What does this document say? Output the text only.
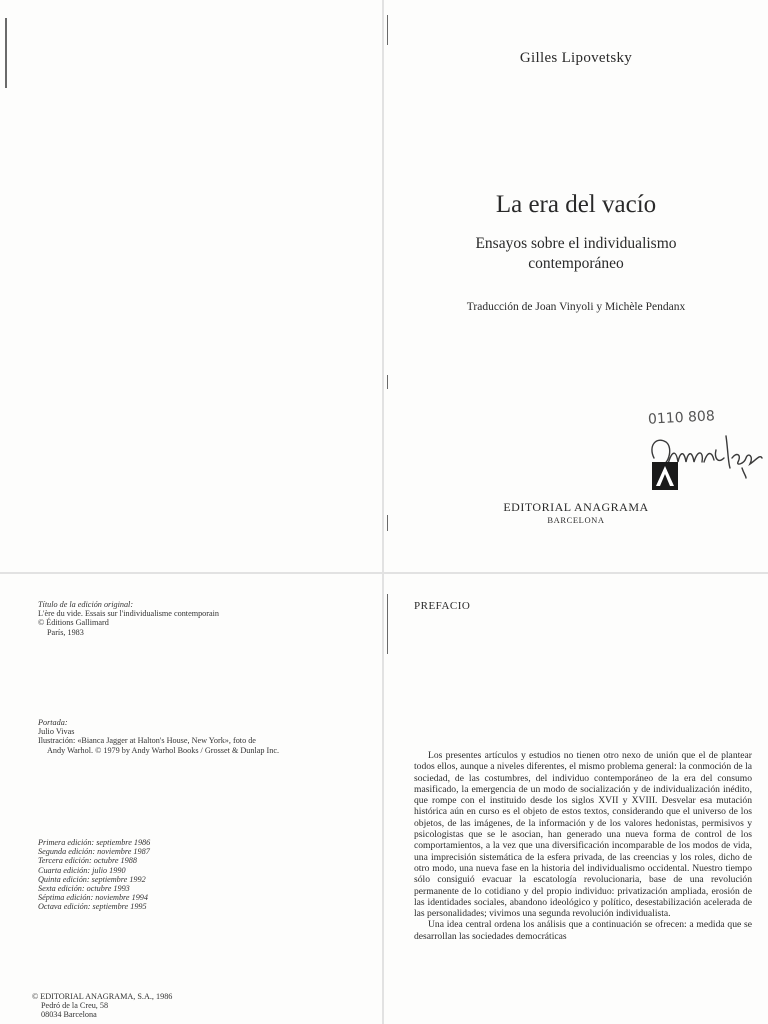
Gilles Lipovetsky
La era del vacío
Ensayos sobre el individualismo
contemporáneo
Traducción de Joan Vinyoli y Michèle Pendanx
0110 808
EDITORIAL ANAGRAMA
BARCELONA
Título de la edición original:
L'ère du vide. Essais sur l'individualisme contemporain
© Éditions Gallimard
París, 1983
Portada:
Julio Vivas
Ilustración: «Bianca Jagger at Halton's House, New York», foto de
Andy Warhol. © 1979 by Andy Warhol Books / Grosset & Dunlap Inc.
Primera edición: septiembre 1986
Segunda edición: noviembre 1987
Tercera edición: octubre 1988
Cuarta edición: julio 1990
Quinta edición: septiembre 1992
Sexta edición: octubre 1993
Séptima edición: noviembre 1994
Octava edición: septiembre 1995
© EDITORIAL ANAGRAMA, S.A., 1986
Pedró de la Creu, 58
08034 Barcelona
PREFACIO

Los presentes artículos y estudios no tienen otro nexo de unión que el de plantear todos ellos, aunque a niveles diferentes, el mismo problema general: la conmoción de la sociedad, de las costumbres, del individuo contemporáneo de la era del consumo masificado, la emergencia de un modo de socialización y de individualización inédito, que rompe con el instituido desde los siglos XVII y XVIII. Desvelar esa mutación histórica aún en curso es el objeto de estos textos, considerando que el universo de los objetos, de las imágenes, de la información y de los valores hedonistas, permisivos y psicologistas que se le asocian, han generado una nueva forma de control de los comportamientos, a la vez que una diversificación incomparable de los modos de vida, una imprecisión sistemática de la esfera privada, de las creencias y los roles, dicho de otro modo, una nueva fase en la historia del individualismo occidental. Nuestro tiempo sólo consiguió evacuar la escatología revolucionaria, base de una revolución permanente de lo cotidiano y del propio individuo: privatización ampliada, erosión de las identidades sociales, abandono ideológico y político, desestabilización acelerada de las personalidades; vivimos una segunda revolución individualista.

Una idea central ordena los análisis que a continuación se ofrecen: a medida que se desarrollan las sociedades democráticas
